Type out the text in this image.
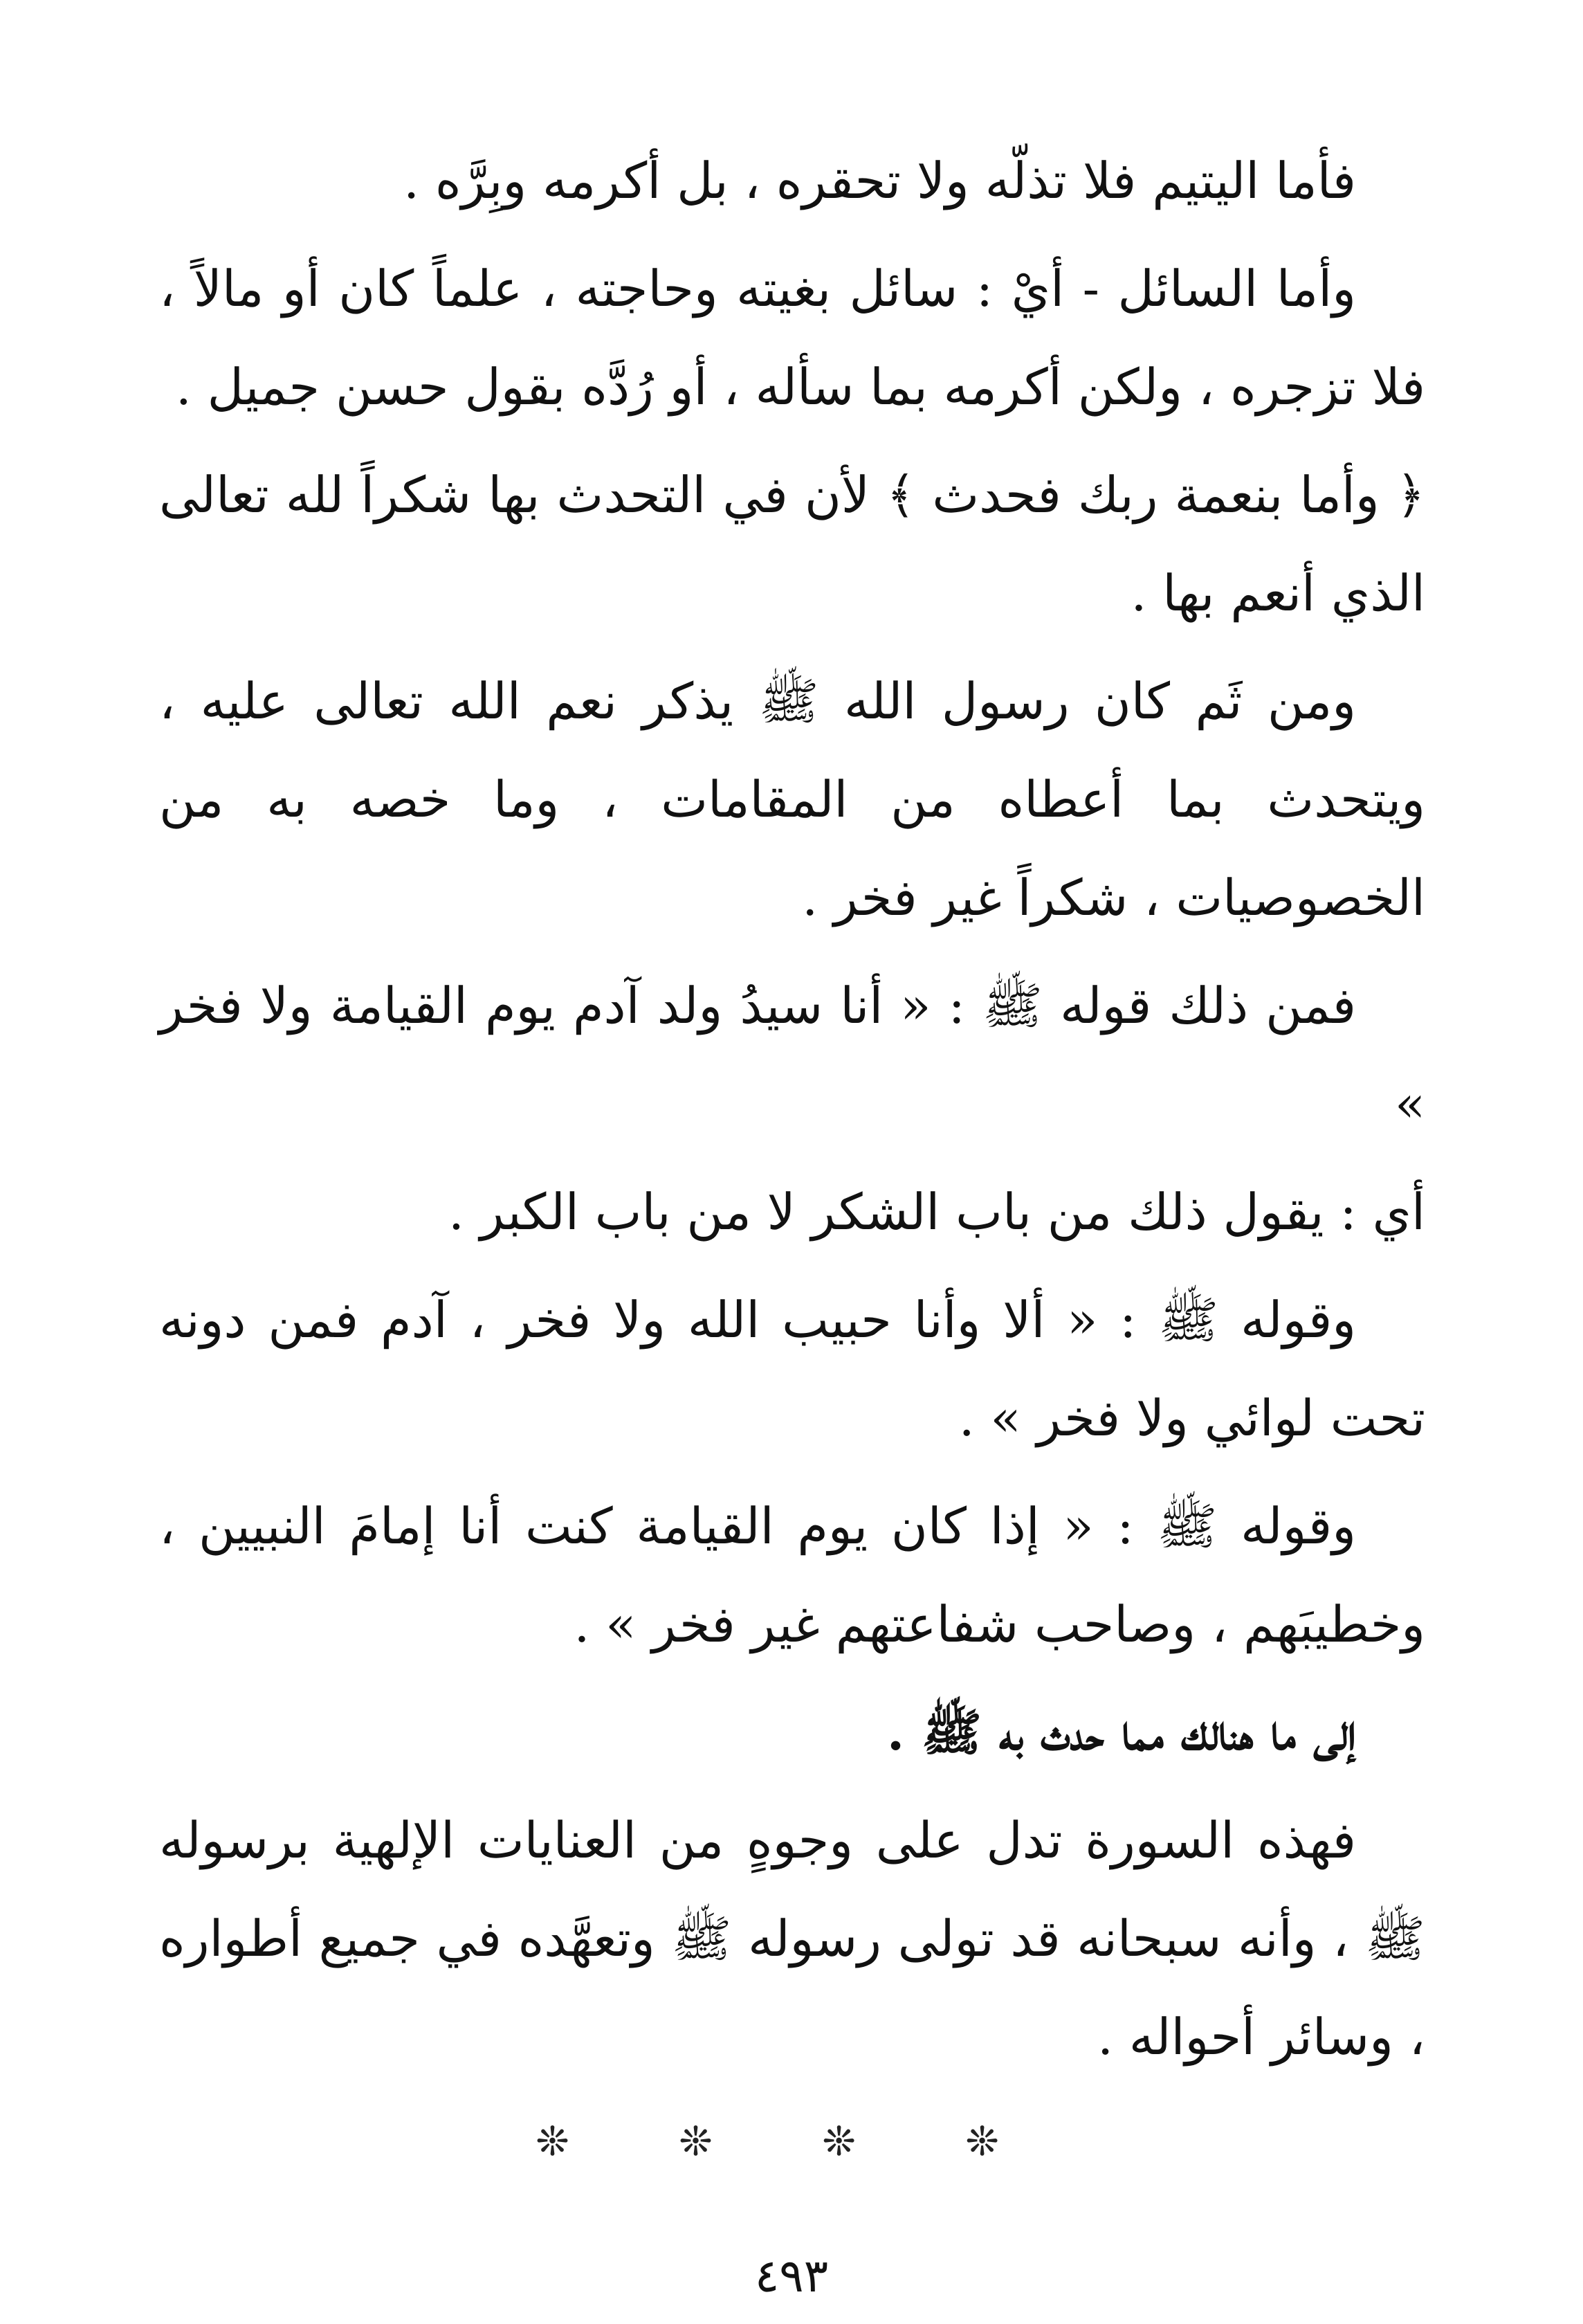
فأما اليتيم فلا تذلّه ولا تحقره ، بل أكرمه وبِرَّه .

وأما السائل - أيْ : سائل بغيته وحاجته ، علماً كان أو مالاً ، فلا تزجره ، ولكن أكرمه بما سأله ، أو رُدَّه بقول حسن جميل .

﴿ وأما بنعمة ربك فحدث ﴾ لأن في التحدث بها شكراً لله تعالى الذي أنعم بها .

ومن ثَم كان رسول الله ﷺ يذكر نعم الله تعالى عليه ، ويتحدث بما أعطاه من المقامات ، وما خصه به من الخصوصيات ، شكراً غير فخر .

فمن ذلك قوله ﷺ : « أنا سيدُ ولد آدم يوم القيامة ولا فخر »

أي : يقول ذلك من باب الشكر لا من باب الكبر .

وقوله ﷺ : « ألا وأنا حبيب الله ولا فخر ، آدم فمن دونه تحت لوائي ولا فخر » .

وقوله ﷺ : « إذا كان يوم القيامة كنت أنا إمامَ النبيين ، وخطيبَهم ، وصاحب شفاعتهم غير فخر » .

إلى ما هنالك مما حدث به ﷺ .

فهذه السورة تدل على وجوهٍ من العنايات الإلهية برسوله ﷺ ، وأنه سبحانه قد تولى رسوله ﷺ وتعهَّده في جميع أطواره ، وسائر أحواله .

❊ ❊ ❊ ❊
٤٩٣
